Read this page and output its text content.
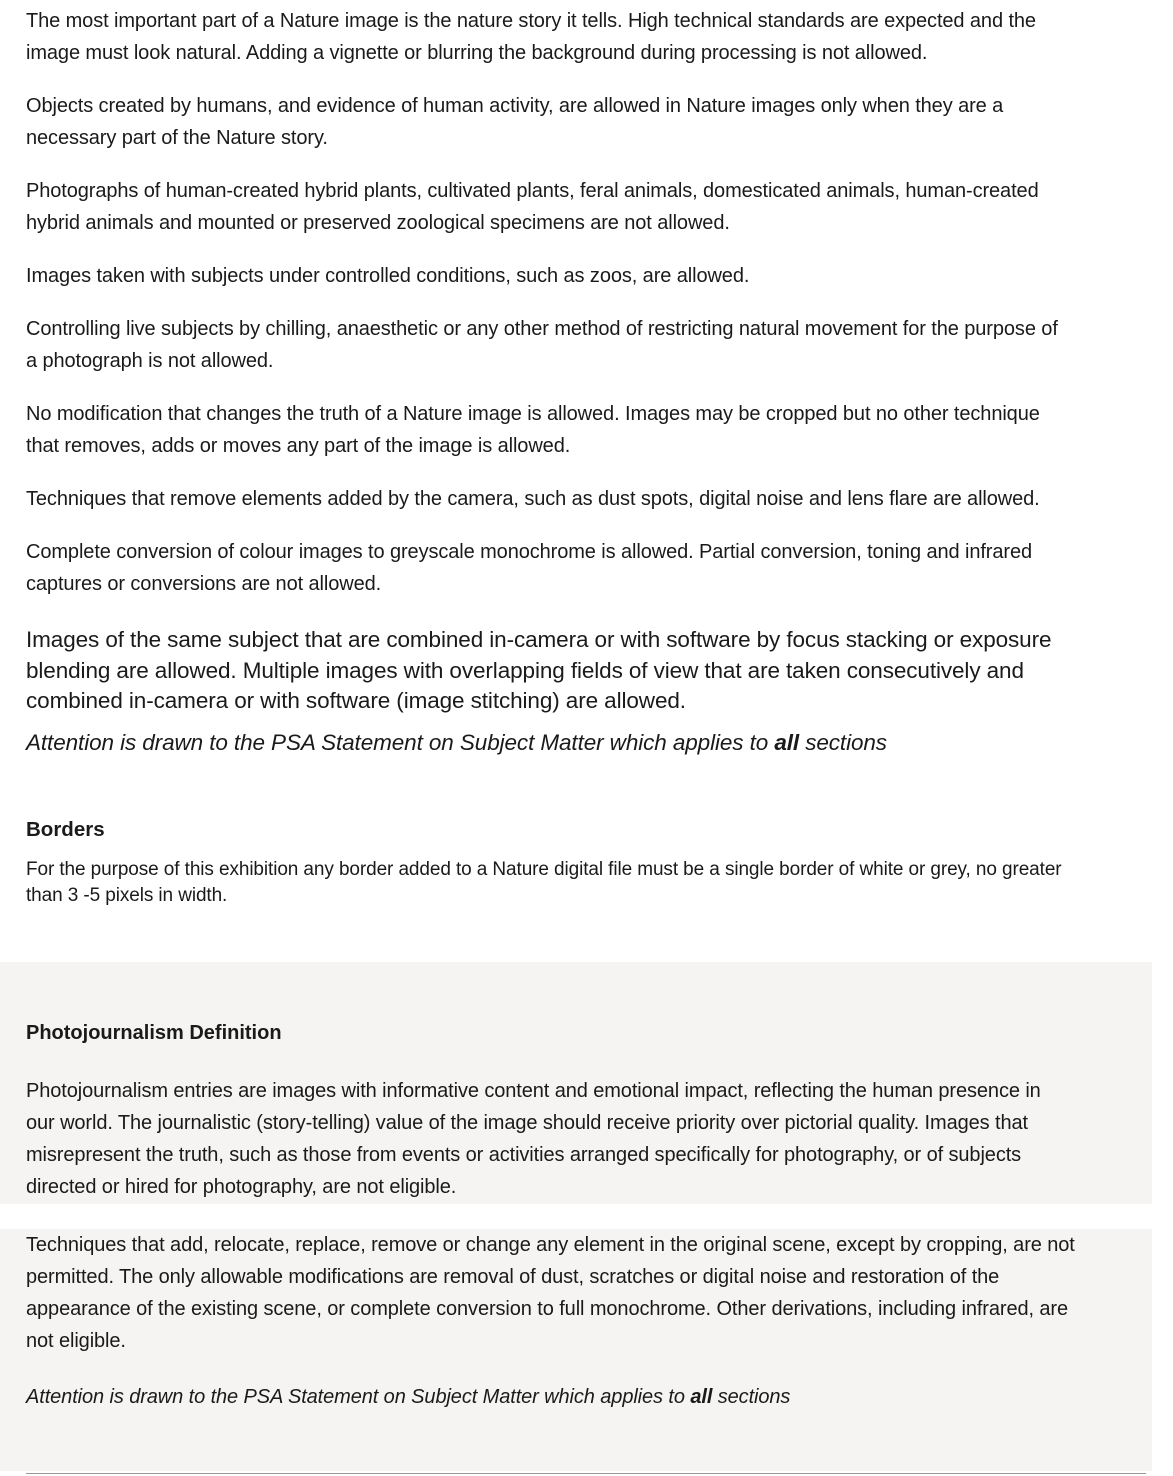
The most important part of a Nature image is the nature story it tells. High technical standards are expected and the
image must look natural. Adding a vignette or blurring the background during processing is not allowed.

Objects created by humans, and evidence of human activity, are allowed in Nature images only when they are a
necessary part of the Nature story.

Photographs of human-created hybrid plants, cultivated plants, feral animals, domesticated animals, human-created
hybrid animals and mounted or preserved zoological specimens are not allowed.

Images taken with subjects under controlled conditions, such as zoos, are allowed.

Controlling live subjects by chilling, anaesthetic or any other method of restricting natural movement for the purpose of
a photograph is not allowed.

No modification that changes the truth of a Nature image is allowed. Images may be cropped but no other technique
that removes, adds or moves any part of the image is allowed.

Techniques that remove elements added by the camera, such as dust spots, digital noise and lens flare are allowed.

Complete conversion of colour images to greyscale monochrome is allowed. Partial conversion, toning and infrared
captures or conversions are not allowed.

Images of the same subject that are combined in-camera or with software by focus stacking or exposure
blending are allowed. Multiple images with overlapping fields of view that are taken consecutively and
combined in-camera or with software (image stitching) are allowed.

Attention is drawn to the PSA Statement on Subject Matter which applies to all sections

Borders

For the purpose of this exhibition any border added to a Nature digital file must be a single border of white or grey, no greater
than 3 -5 pixels in width.

Photojournalism Definition

Photojournalism entries are images with informative content and emotional impact, reflecting the human presence in
our world. The journalistic (story-telling) value of the image should receive priority over pictorial quality. Images that
misrepresent the truth, such as those from events or activities arranged specifically for photography, or of subjects
directed or hired for photography, are not eligible.

Techniques that add, relocate, replace, remove or change any element in the original scene, except by cropping, are not
permitted. The only allowable modifications are removal of dust, scratches or digital noise and restoration of the
appearance of the existing scene, or complete conversion to full monochrome. Other derivations, including infrared, are
not eligible.

Attention is drawn to the PSA Statement on Subject Matter which applies to all sections
